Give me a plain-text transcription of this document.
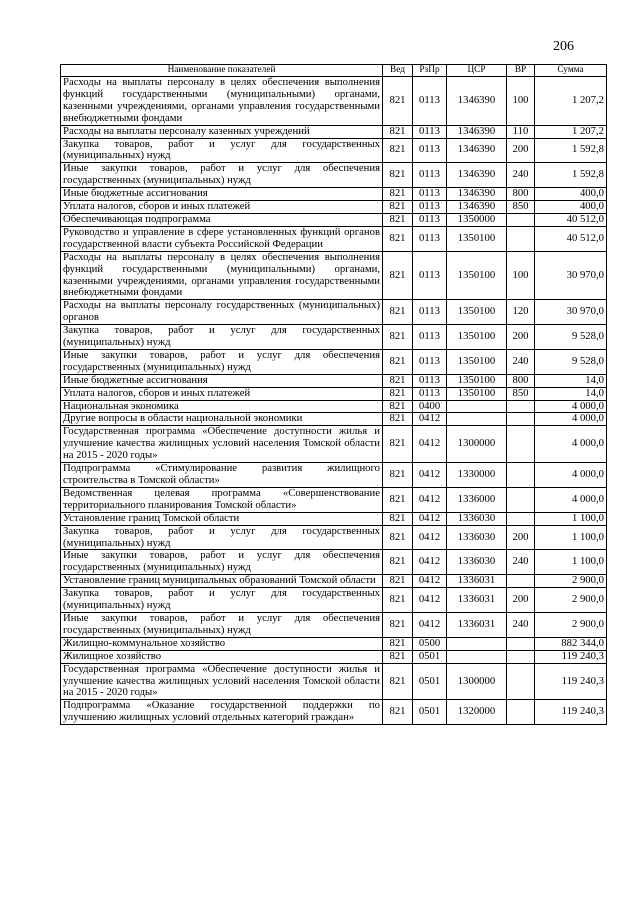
206
Наименование показателей	Вед	РзПр	ЦСР	ВР	Сумма
Расходы на выплаты персоналу в целях обеспечения выполнения функций государственными (муниципальными) органами, казенными учреждениями, органами управления государственными внебюджетными фондами	821	0113	1346390	100	1 207,2
Расходы на выплаты персоналу казенных учреждений	821	0113	1346390	110	1 207,2
Закупка товаров, работ и услуг для государственных (муниципальных) нужд	821	0113	1346390	200	1 592,8
Иные закупки товаров, работ и услуг для обеспечения государственных (муниципальных) нужд	821	0113	1346390	240	1 592,8
Иные бюджетные ассигнования	821	0113	1346390	800	400,0
Уплата налогов, сборов и иных платежей	821	0113	1346390	850	400,0
Обеспечивающая подпрограмма	821	0113	1350000		40 512,0
Руководство и управление в сфере установленных функций органов государственной власти субъекта Российской Федерации	821	0113	1350100		40 512,0
Расходы на выплаты персоналу в целях обеспечения выполнения функций государственными (муниципальными) органами, казенными учреждениями, органами управления государственными внебюджетными фондами	821	0113	1350100	100	30 970,0
Расходы на выплаты персоналу государственных (муниципальных) органов	821	0113	1350100	120	30 970,0
Закупка товаров, работ и услуг для государственных (муниципальных) нужд	821	0113	1350100	200	9 528,0
Иные закупки товаров, работ и услуг для обеспечения государственных (муниципальных) нужд	821	0113	1350100	240	9 528,0
Иные бюджетные ассигнования	821	0113	1350100	800	14,0
Уплата налогов, сборов и иных платежей	821	0113	1350100	850	14,0
Национальная экономика	821	0400			4 000,0
Другие вопросы в области национальной экономики	821	0412			4 000,0
Государственная программа «Обеспечение доступности жилья и улучшение качества жилищных условий населения Томской области на 2015 - 2020 годы»	821	0412	1300000		4 000,0
Подпрограмма «Стимулирование развития жилищного строительства в Томской области»	821	0412	1330000		4 000,0
Ведомственная целевая программа «Совершенствование территориального планирования Томской области»	821	0412	1336000		4 000,0
Установление границ Томской области	821	0412	1336030		1 100,0
Закупка товаров, работ и услуг для государственных (муниципальных) нужд	821	0412	1336030	200	1 100,0
Иные закупки товаров, работ и услуг для обеспечения государственных (муниципальных) нужд	821	0412	1336030	240	1 100,0
Установление границ муниципальных образований Томской области	821	0412	1336031		2 900,0
Закупка товаров, работ и услуг для государственных (муниципальных) нужд	821	0412	1336031	200	2 900,0
Иные закупки товаров, работ и услуг для обеспечения государственных (муниципальных) нужд	821	0412	1336031	240	2 900,0
Жилищно-коммунальное хозяйство	821	0500			882 344,0
Жилищное хозяйство	821	0501			119 240,3
Государственная программа «Обеспечение доступности жилья и улучшение качества жилищных условий населения Томской области на 2015 - 2020 годы»	821	0501	1300000		119 240,3
Подпрограмма «Оказание государственной поддержки по улучшению жилищных условий отдельных категорий граждан»	821	0501	1320000		119 240,3
